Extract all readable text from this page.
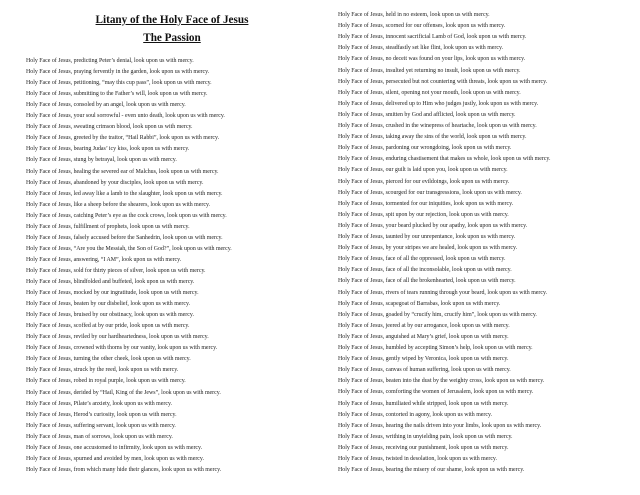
Litany of the Holy Face of Jesus
The Passion
Holy Face of Jesus, predicting Peter’s denial, look upon us with mercy.
Holy Face of Jesus, praying fervently in the garden, look upon us with mercy.
Holy Face of Jesus, petitioning, “may this cup pass”, look upon us with mercy.
Holy Face of Jesus, submitting to the Father’s will, look upon us with mercy.
Holy Face of Jesus, consoled by an angel, look upon us with mercy.
Holy Face of Jesus, your soul sorrowful - even unto death, look upon us with mercy.
Holy Face of Jesus, sweating crimson blood, look upon us with mercy.
Holy Face of Jesus, greeted by the traitor, “Hail Rabbi”, look upon us with mercy.
Holy Face of Jesus, bearing Judas’ icy kiss, look upon us with mercy.
Holy Face of Jesus, stung by betrayal, look upon us with mercy.
Holy Face of Jesus, healing the severed ear of Malchus, look upon us with mercy.
Holy Face of Jesus, abandoned by your disciples, look upon us with mercy.
Holy Face of Jesus, led away like a lamb to the slaughter, look upon us with mercy.
Holy Face of Jesus, like a sheep before the shearers, look upon us with mercy.
Holy Face of Jesus, catching Peter’s eye as the cock crows, look upon us with mercy.
Holy Face of Jesus, fulfillment of prophets, look upon us with mercy.
Holy Face of Jesus, falsely accused before the Sanhedrin, look upon us with mercy.
Holy Face of Jesus, “Are you the Messiah, the Son of God?”, look upon us with mercy.
Holy Face of Jesus, answering, “I AM”, look upon us with mercy.
Holy Face of Jesus, sold for thirty pieces of silver, look upon us with mercy.
Holy Face of Jesus, blindfolded and buffeted, look upon us with mercy.
Holy Face of Jesus, mocked by our ingratitude, look upon us with mercy.
Holy Face of Jesus, beaten by our disbelief, look upon us with mercy.
Holy Face of Jesus, bruised by our obstinacy, look upon us with mercy.
Holy Face of Jesus, scoffed at by our pride, look upon us with mercy.
Holy Face of Jesus, reviled by our hardheartedness, look upon us with mercy.
Holy Face of Jesus, crowned with thorns by our vanity, look upon us with mercy.
Holy Face of Jesus, turning the other cheek, look upon us with mercy.
Holy Face of Jesus, struck by the reed, look upon us with mercy.
Holy Face of Jesus, robed in royal purple, look upon us with mercy.
Holy Face of Jesus, derided by “Hail, King of the Jews”, look upon us with mercy.
Holy Face of Jesus, Pilate’s anxiety, look upon us with mercy.
Holy Face of Jesus, Herod’s curiosity, look upon us with mercy.
Holy Face of Jesus, suffering servant, look upon us with mercy.
Holy Face of Jesus, man of sorrows, look upon us with mercy.
Holy Face of Jesus, one accustomed to infirmity, look upon us with mercy.
Holy Face of Jesus, spurned and avoided by men, look upon us with mercy.
Holy Face of Jesus, from which many hide their glances, look upon us with mercy.
Holy Face of Jesus, held in no esteem, look upon us with mercy.
Holy Face of Jesus, scorned for our offenses, look upon us with mercy.
Holy Face of Jesus, innocent sacrificial Lamb of God, look upon us with mercy.
Holy Face of Jesus, steadfastly set like flint, look upon us with mercy.
Holy Face of Jesus, no deceit was found on your lips, look upon us with mercy.
Holy Face of Jesus, insulted yet returning no insult, look upon us with mercy.
Holy Face of Jesus, persecuted but not countering with threats, look upon us with mercy.
Holy Face of Jesus, silent, opening not your mouth, look upon us with mercy.
Holy Face of Jesus, delivered up to Him who judges justly, look upon us with mercy.
Holy Face of Jesus, smitten by God and afflicted, look upon us with mercy.
Holy Face of Jesus, crushed in the winepress of heartache, look upon us with mercy.
Holy Face of Jesus, taking away the sins of the world, look upon us with mercy.
Holy Face of Jesus, pardoning our wrongdoing, look upon us with mercy.
Holy Face of Jesus, enduring chastisement that makes us whole, look upon us with mercy.
Holy Face of Jesus, our guilt is laid upon you, look upon us with mercy.
Holy Face of Jesus, pierced for our evildoings, look upon us with mercy.
Holy Face of Jesus, scourged for our transgressions, look upon us with mercy.
Holy Face of Jesus, tormented for our iniquities, look upon us with mercy.
Holy Face of Jesus, spit upon by our rejection, look upon us with mercy.
Holy Face of Jesus, your beard plucked by our apathy, look upon us with mercy.
Holy Face of Jesus, taunted by our unrepentance, look upon us with mercy.
Holy Face of Jesus, by your stripes we are healed, look upon us with mercy.
Holy Face of Jesus, face of all the oppressed, look upon us with mercy.
Holy Face of Jesus, face of all the inconsolable, look upon us with mercy.
Holy Face of Jesus, face of all the brokenhearted, look upon us with mercy.
Holy Face of Jesus, rivers of tears running through your beard, look upon us with mercy.
Holy Face of Jesus, scapegoat of Barrabas, look upon us with mercy.
Holy Face of Jesus, goaded by “crucify him, crucify him”, look upon us with mercy.
Holy Face of Jesus, jeered at by our arrogance, look upon us with mercy.
Holy Face of Jesus, anguished at Mary’s grief, look upon us with mercy.
Holy Face of Jesus, humbled by accepting Simon’s help, look upon us with mercy.
Holy Face of Jesus, gently wiped by Veronica, look upon us with mercy.
Holy Face of Jesus, canvas of human suffering, look upon us with mercy.
Holy Face of Jesus, beaten into the dust by the weighty cross, look upon us with mercy.
Holy Face of Jesus, comforting the women of Jerusalem, look upon us with mercy.
Holy Face of Jesus, humiliated while stripped, look upon us with mercy.
Holy Face of Jesus, contorted in agony, look upon us with mercy.
Holy Face of Jesus, hearing the nails driven into your limbs, look upon us with mercy.
Holy Face of Jesus, writhing in unyielding pain, look upon us with mercy.
Holy Face of Jesus, receiving our punishment, look upon us with mercy.
Holy Face of Jesus, twisted in desolation, look upon us with mercy.
Holy Face of Jesus, bearing the misery of our shame, look upon us with mercy.
